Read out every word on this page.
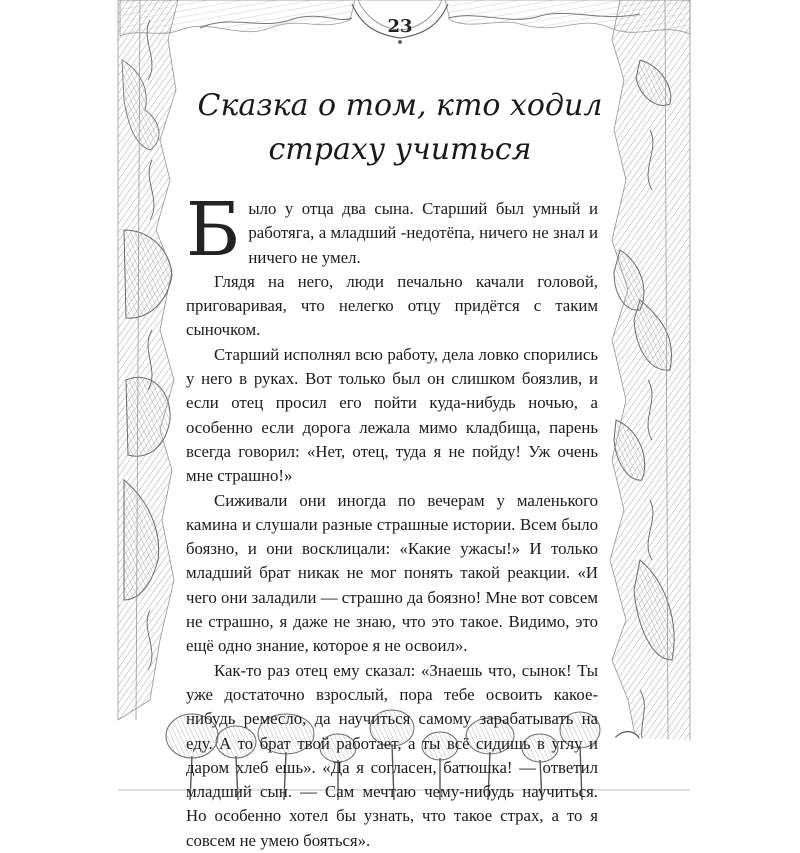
23
Сказка о том, кто ходил
страху учиться

Было у отца два сына. Старший был умный и работяга, а младший -недотёпа, ничего не знал и ничего не умел.

Глядя на него, люди печально качали головой, приговаривая, что нелегко отцу придётся с таким сыночком.

Старший исполнял всю работу, дела ловко спорились у него в руках. Вот только был он слишком боязлив, и если отец просил его пойти куда-нибудь ночью, а особенно если дорога лежала мимо кладбища, парень всегда говорил: «Нет, отец, туда я не пойду! Уж очень мне страшно!»

Сиживали они иногда по вечерам у маленького камина и слушали разные страшные истории. Всем было боязно, и они восклицали: «Какие ужасы!» И только младший брат никак не мог понять такой реакции. «И чего они заладили — страшно да боязно! Мне вот совсем не страшно, я даже не знаю, что это такое. Видимо, это ещё одно знание, которое я не освоил».

Как-то раз отец ему сказал: «Знаешь что, сынок! Ты уже достаточно взрослый, пора тебе освоить какое-нибудь ремесло, да научиться самому зарабатывать на еду. А то брат твой работает, а ты всё сидишь в углу и даром хлеб ешь». «Да я согласен, батюшка! — ответил младший сын. — Сам мечтаю чему-нибудь научиться. Но особенно хотел бы узнать, что такое страх, а то я совсем не умею бояться».
